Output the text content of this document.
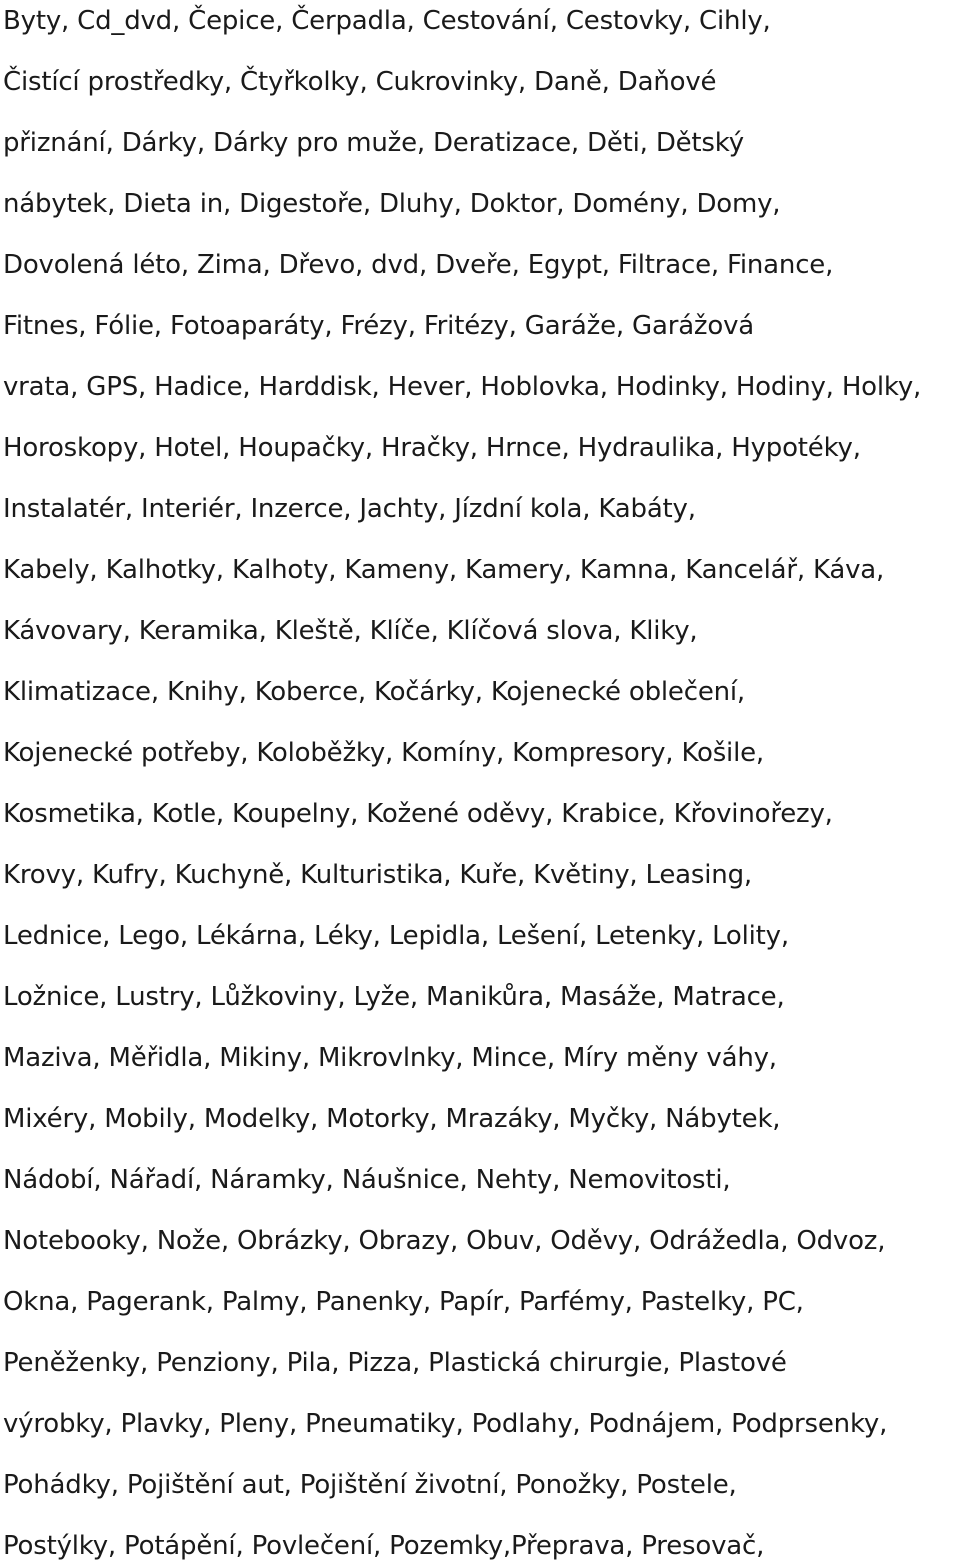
Byty, Cd_dvd, Čepice, Čerpadla, Cestování, Cestovky, Cihly,

Čistící prostředky, Čtyřkolky, Cukrovinky, Daně, Daňové

přiznání, Dárky, Dárky pro muže, Deratizace, Děti, Dětský

nábytek, Dieta in, Digestoře, Dluhy, Doktor, Domény, Domy,

Dovolená léto, Zima, Dřevo, dvd, Dveře, Egypt, Filtrace, Finance,

Fitnes, Fólie, Fotoaparáty, Frézy, Fritézy, Garáže, Garážová

vrata, GPS, Hadice, Harddisk, Hever, Hoblovka, Hodinky, Hodiny, Holky,

Horoskopy, Hotel, Houpačky, Hračky, Hrnce, Hydraulika, Hypotéky,

Instalatér, Interiér, Inzerce, Jachty, Jízdní kola, Kabáty,

Kabely, Kalhotky, Kalhoty, Kameny, Kamery, Kamna, Kancelář, Káva,

Kávovary, Keramika, Kleště, Klíče, Klíčová slova, Kliky,

Klimatizace, Knihy, Koberce, Kočárky, Kojenecké oblečení,

Kojenecké potřeby, Koloběžky, Komíny, Kompresory, Košile,

Kosmetika, Kotle, Koupelny, Kožené oděvy, Krabice, Křovinořezy,

Krovy, Kufry, Kuchyně, Kulturistika, Kuře, Květiny, Leasing,

Lednice, Lego, Lékárna, Léky, Lepidla, Lešení, Letenky, Lolity,

Ložnice, Lustry, Lůžkoviny, Lyže, Manikůra, Masáže, Matrace,

Maziva, Měřidla, Mikiny, Mikrovlnky, Mince, Míry měny váhy,

Mixéry, Mobily, Modelky, Motorky, Mrazáky, Myčky, Nábytek,

Nádobí, Nářadí, Náramky, Náušnice, Nehty, Nemovitosti,

Notebooky, Nože, Obrázky, Obrazy, Obuv, Oděvy, Odrážedla, Odvoz,

Okna, Pagerank, Palmy, Panenky, Papír, Parfémy, Pastelky, PC,

Peněženky, Penziony, Pila, Pizza, Plastická chirurgie, Plastové

výrobky, Plavky, Pleny, Pneumatiky, Podlahy, Podnájem, Podprsenky,

Pohádky, Pojištění aut, Pojištění životní, Ponožky, Postele,

Postýlky, Potápění, Povlečení, Pozemky,Přeprava, Presovač,
